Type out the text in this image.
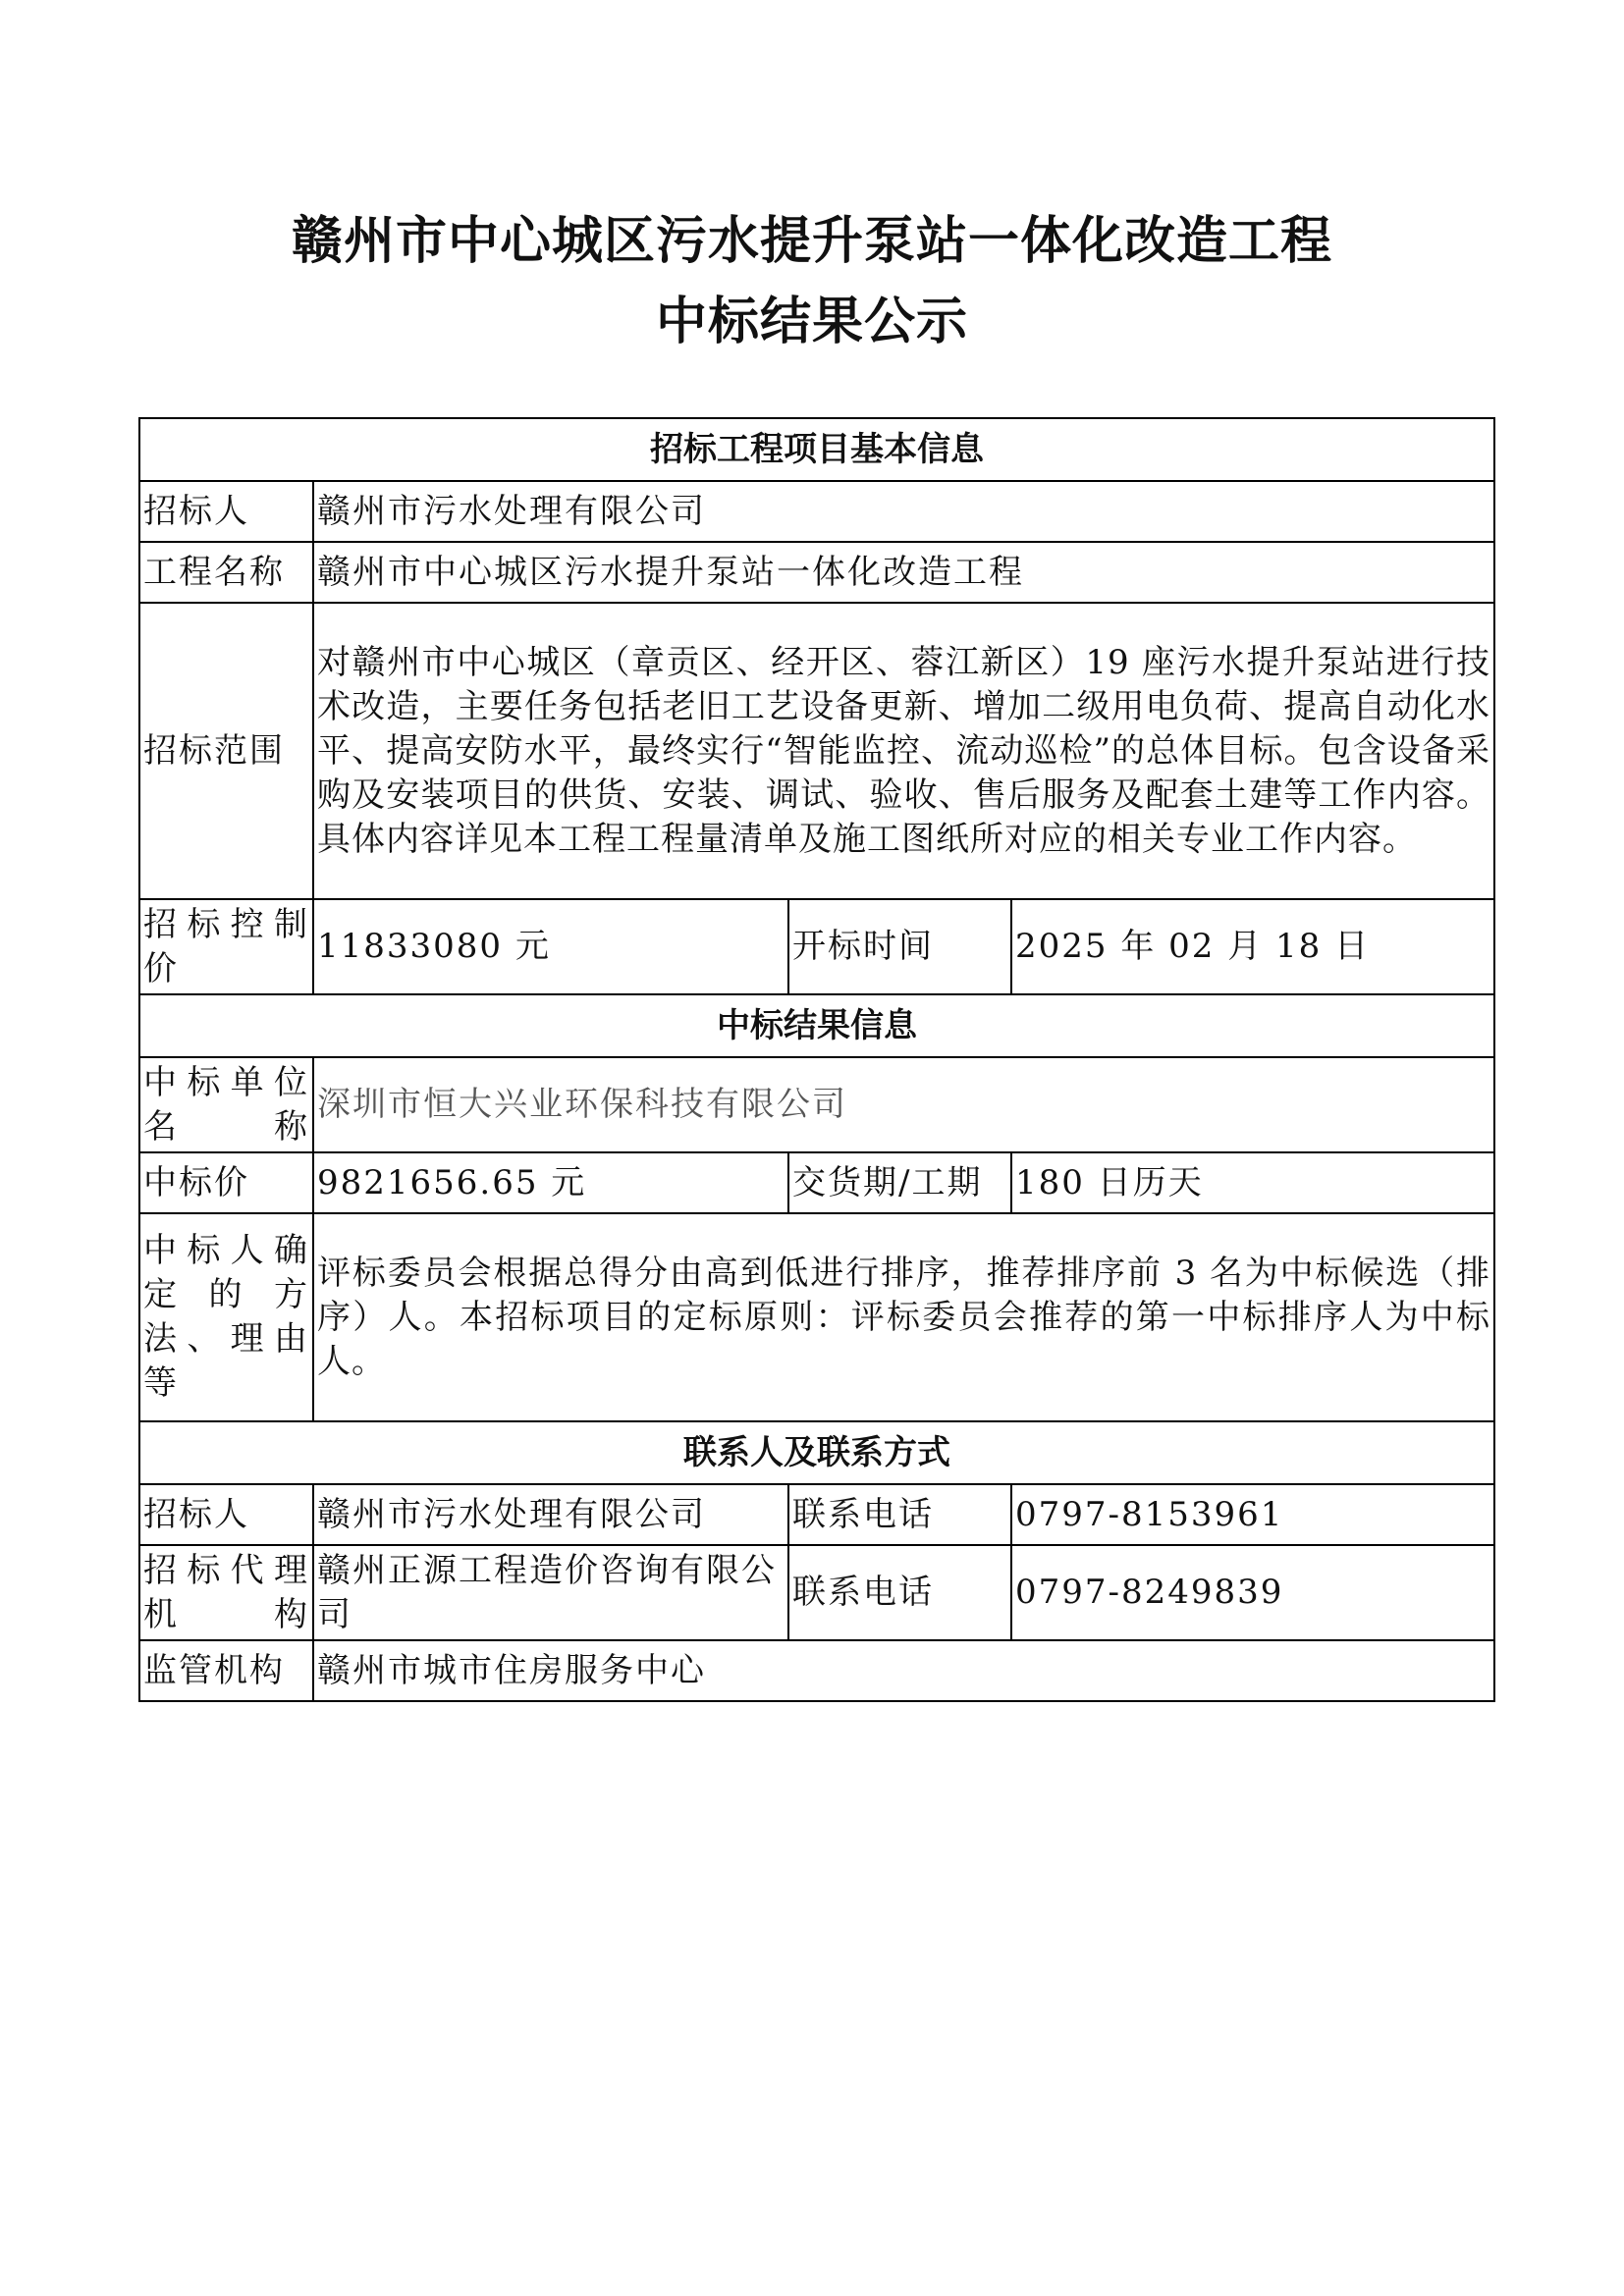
赣州市中心城区污水提升泵站一体化改造工程
中标结果公示
招标工程项目基本信息			
招标人	赣州市污水处理有限公司		
工程名称	赣州市中心城区污水提升泵站一体化改造工程		
招标范围	对赣州市中心城区（章贡区、经开区、蓉江新区）19 座污水提升泵站进行技术改造，主要任务包括老旧工艺设备更新、增加二级用电负荷、提高自动化水平、提高安防水平，最终实行“智能监控、流动巡检”的总体目标。包含设备采购及安装项目的供货、安装、调试、验收、售后服务及配套土建等工作内容。具体内容详见本工程工程量清单及施工图纸所对应的相关专业工作内容。		
招标控制价	11833080 元	开标时间	2025 年 02 月 18 日
中标结果信息			
中标单位名称	深圳市恒大兴业环保科技有限公司		
中标价	9821656.65 元	交货期/工期	180 日历天
中标人确定的方法、理由等	评标委员会根据总得分由高到低进行排序，推荐排序前 3 名为中标候选（排序）人。本招标项目的定标原则：评标委员会推荐的第一中标排序人为中标人。		
联系人及联系方式			
招标人	赣州市污水处理有限公司	联系电话	0797-8153961
招标代理机构	赣州正源工程造价咨询有限公司	联系电话	0797-8249839
监管机构	赣州市城市住房服务中心		
